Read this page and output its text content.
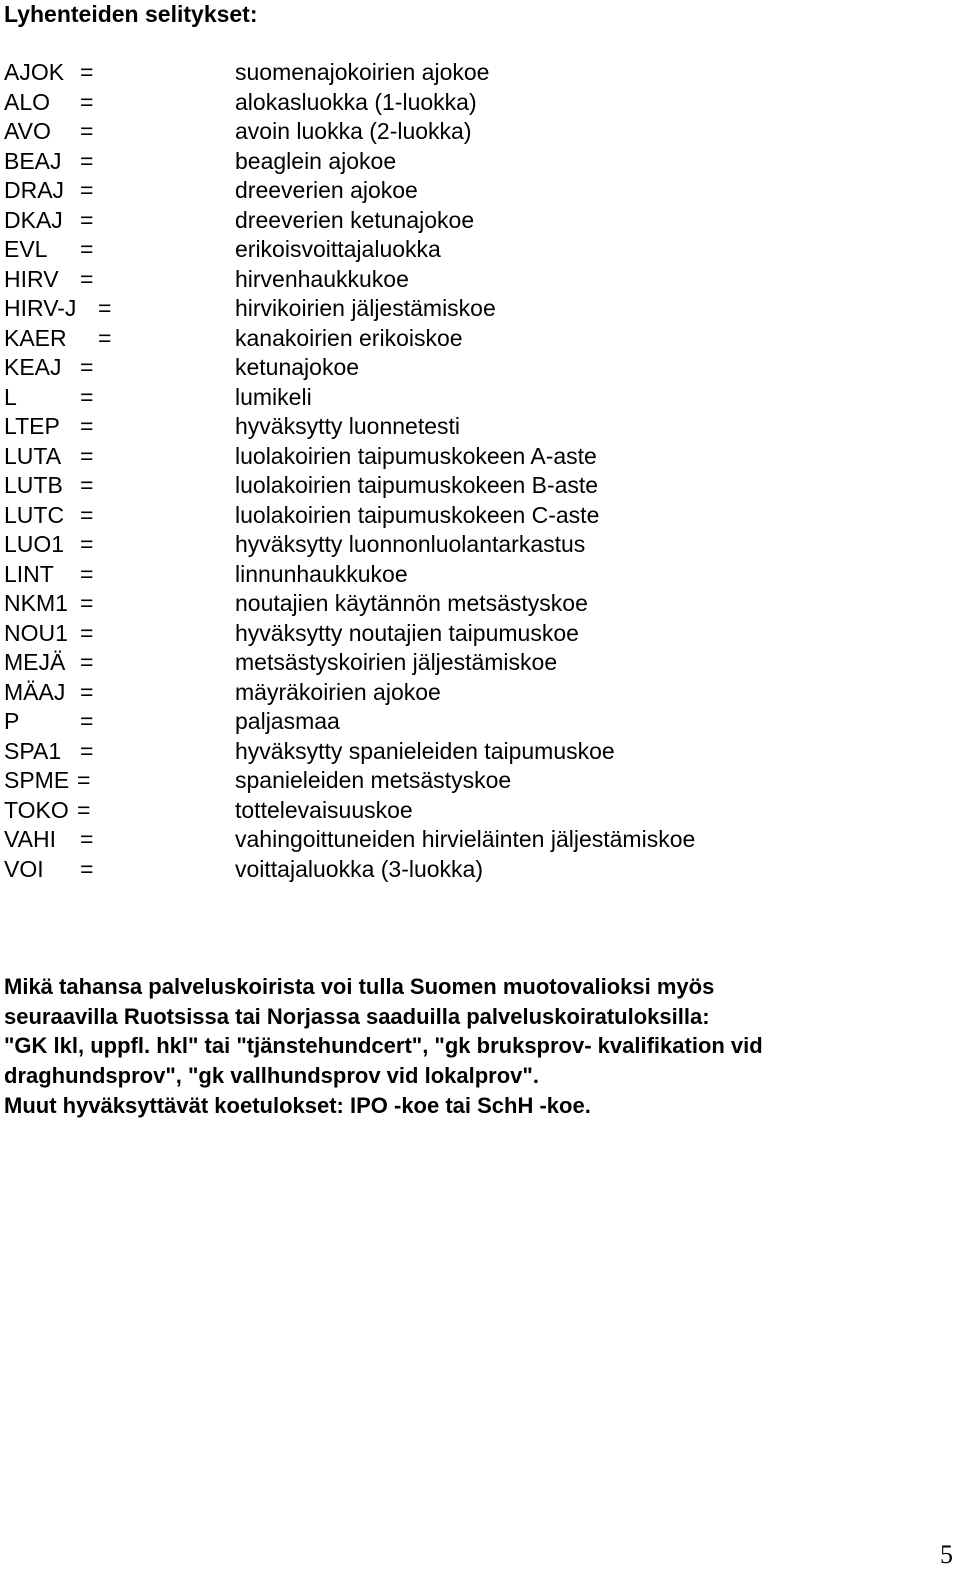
Lyhenteiden selitykset:
AJOK =	suomenajokoirien ajokoe
ALO =	alokasluokka (1-luokka)
AVO =	avoin luokka (2-luokka)
BEAJ =	beaglein ajokoe
DRAJ =	dreeverien ajokoe
DKAJ =	dreeverien ketunajokoe
EVL =	erikoisvoittajaluokka
HIRV =	hirvenhaukkukoe
HIRV-J =	hirvikoirien jäljestämiskoe
KAER =	kanakoirien erikoiskoe
KEAJ =	ketunajokoe
L	=	lumikeli
LTEP =	hyväksytty luonnetesti
LUTA =	luolakoirien taipumuskokeen A-aste
LUTB =	luolakoirien taipumuskokeen B-aste
LUTC =	luolakoirien taipumuskokeen C-aste
LUO1 =	hyväksytty luonnonluolantarkastus
LINT =	linnunhaukkukoe
NKM1 =	noutajien käytännön metsästyskoe
NOU1 =	hyväksytty noutajien taipumuskoe
MEJÄ =	metsästyskoirien jäljestämiskoe
MÄAJ =	mäyräkoirien ajokoe
P	=	paljasmaa
SPA1 =	hyväksytty spanieleiden taipumuskoe
SPME =	spanieleiden metsästyskoe
TOKO =	tottelevaisuuskoe
VAHI =	vahingoittuneiden hirvieläinten jäljestämiskoe
VOI =	voittajaluokka (3-luokka)

Mikä tahansa palveluskoirista voi tulla Suomen muotovalioksi myös

seuraavilla Ruotsissa tai Norjassa saaduilla palveluskoiratuloksilla:

"GK lkl, uppfl. hkl" tai "tjänstehundcert", "gk bruksprov- kvalifikation vid

draghundsprov", "gk vallhundsprov vid lokalprov".

Muut hyväksyttävät koetulokset: IPO -koe tai SchH -koe.

5
